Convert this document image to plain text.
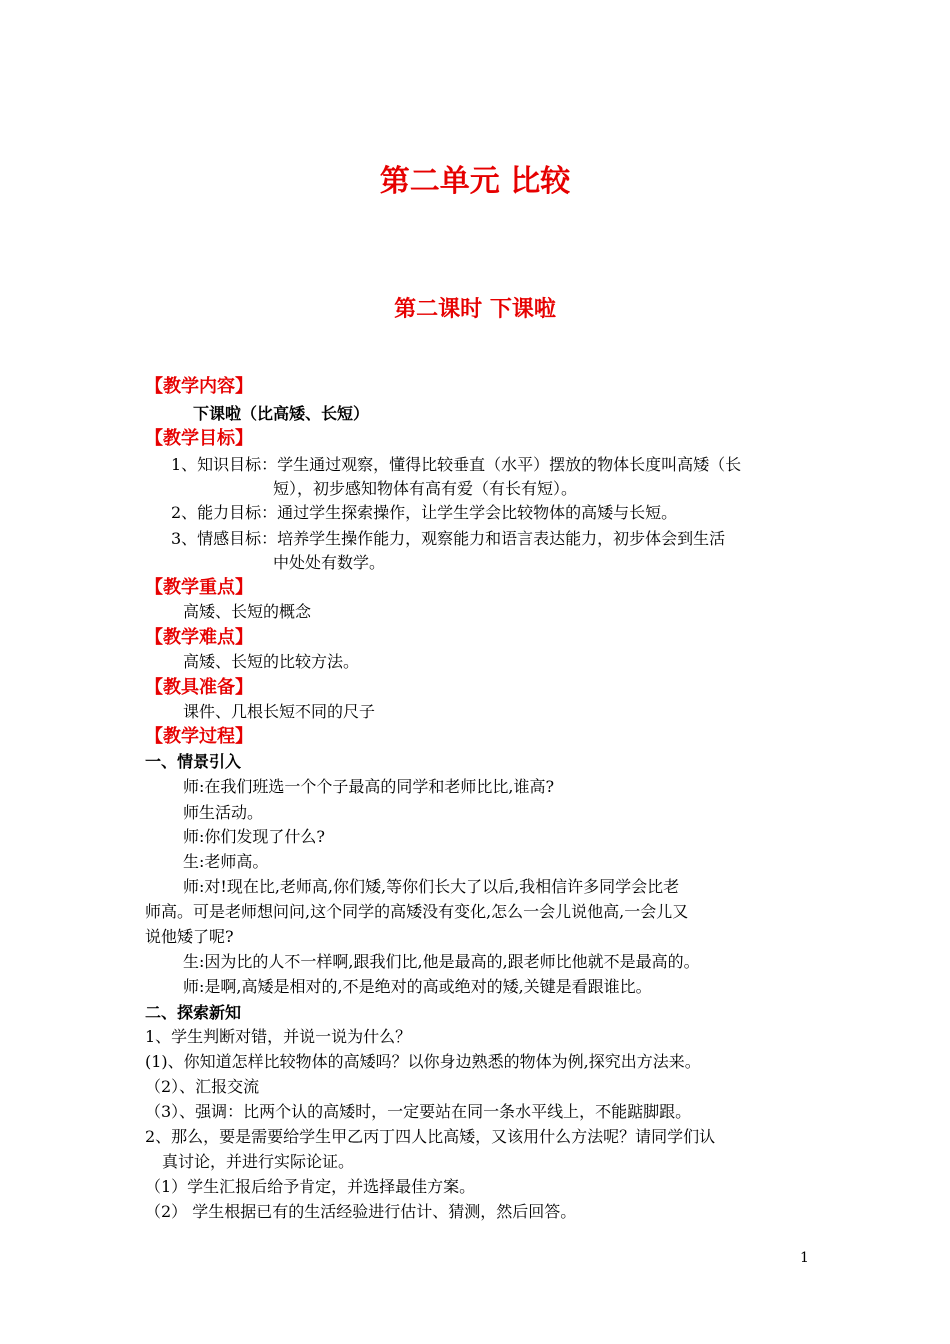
第二单元 比较
第二课时 下课啦
【教学内容】
下课啦（比高矮、长短）
【教学目标】
1、知识目标：学生通过观察，懂得比较垂直（水平）摆放的物体长度叫高矮（长
短），初步感知物体有高有爱（有长有短）。
2、能力目标：通过学生探索操作，让学生学会比较物体的高矮与长短。
3、情感目标：培养学生操作能力，观察能力和语言表达能力，初步体会到生活
中处处有数学。
【教学重点】
高矮、长短的概念
【教学难点】
高矮、长短的比较方法。
【教具准备】
课件、几根长短不同的尺子
【教学过程】
一、情景引入
师:在我们班选一个个子最高的同学和老师比比,谁高?
师生活动。
师:你们发现了什么?
生:老师高。
师:对!现在比,老师高,你们矮,等你们长大了以后,我相信许多同学会比老
师高。可是老师想问问,这个同学的高矮没有变化,怎么一会儿说他高,一会儿又
说他矮了呢?
生:因为比的人不一样啊,跟我们比,他是最高的,跟老师比他就不是最高的。
师:是啊,高矮是相对的,不是绝对的高或绝对的矮,关键是看跟谁比。
二、探索新知
1、学生判断对错，并说一说为什么？
(1)、你知道怎样比较物体的高矮吗？以你身边熟悉的物体为例,探究出方法来。
（2）、汇报交流
（3）、强调：比两个认的高矮时，一定要站在同一条水平线上，不能踮脚跟。
2、那么，要是需要给学生甲乙丙丁四人比高矮，又该用什么方法呢？请同学们认
真讨论，并进行实际论证。
（1）学生汇报后给予肯定，并选择最佳方案。
（2） 学生根据已有的生活经验进行估计、猜测，然后回答。
1
